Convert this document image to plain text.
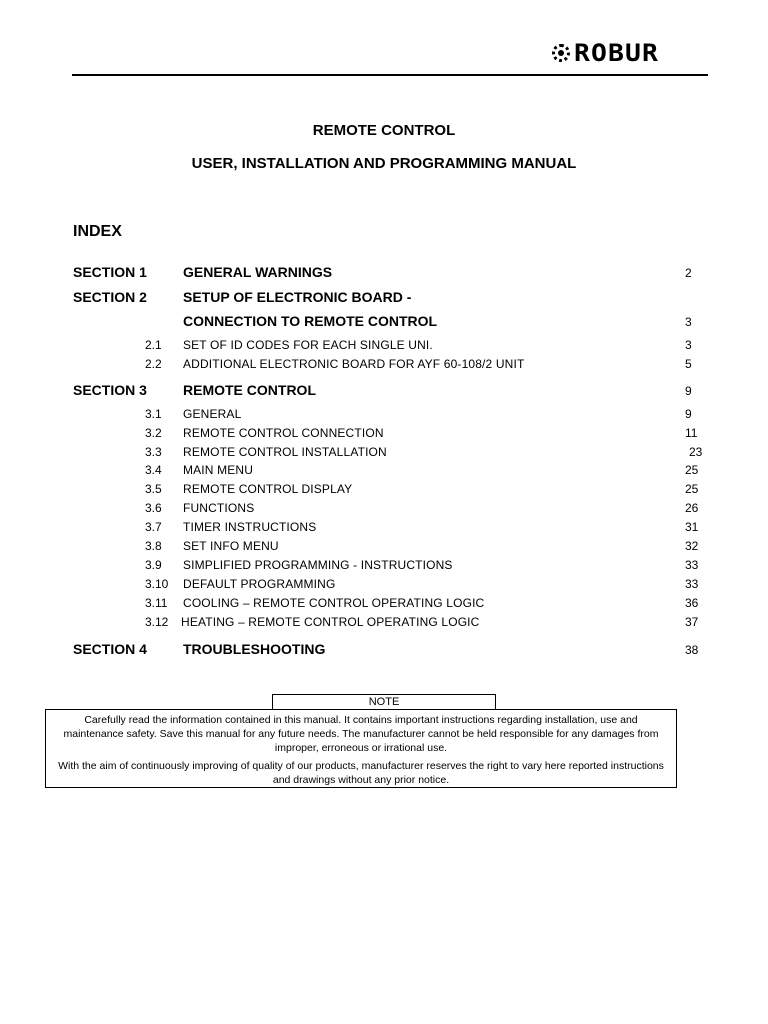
ROBUR
REMOTE CONTROL
USER, INSTALLATION AND PROGRAMMING MANUAL
INDEX
SECTION 1	GENERAL WARNINGS	2
SECTION 2	SETUP OF ELECTRONIC BOARD -
CONNECTION TO REMOTE CONTROL	3
2.1 SET OF ID CODES FOR EACH SINGLE UNI.	3
2.2 ADDITIONAL ELECTRONIC BOARD FOR AYF 60-108/2 UNIT	5
SECTION 3	REMOTE CONTROL	9
3.1 GENERAL	9
3.2 REMOTE CONTROL CONNECTION	11
3.3 REMOTE CONTROL INSTALLATION	23
3.4 MAIN MENU	25
3.5 REMOTE CONTROL DISPLAY	25
3.6 FUNCTIONS	26
3.7 TIMER INSTRUCTIONS	31
3.8 SET INFO MENU	32
3.9 SIMPLIFIED PROGRAMMING - INSTRUCTIONS	33
3.10 DEFAULT PROGRAMMING	33
3.11 COOLING – REMOTE CONTROL OPERATING LOGIC	36
3.12 HEATING – REMOTE CONTROL OPERATING LOGIC	37
SECTION 4	TROUBLESHOOTING	38

Carefully read the information contained in this manual. It contains important instructions regarding installation, use and maintenance safety. Save this manual for any future needs. The manufacturer cannot be held responsible for any damages from improper, erroneous or irrational use.

With the aim of continuously improving of quality of our products, manufacturer reserves the right to vary here reported instructions and drawings without any prior notice.

NOTE
